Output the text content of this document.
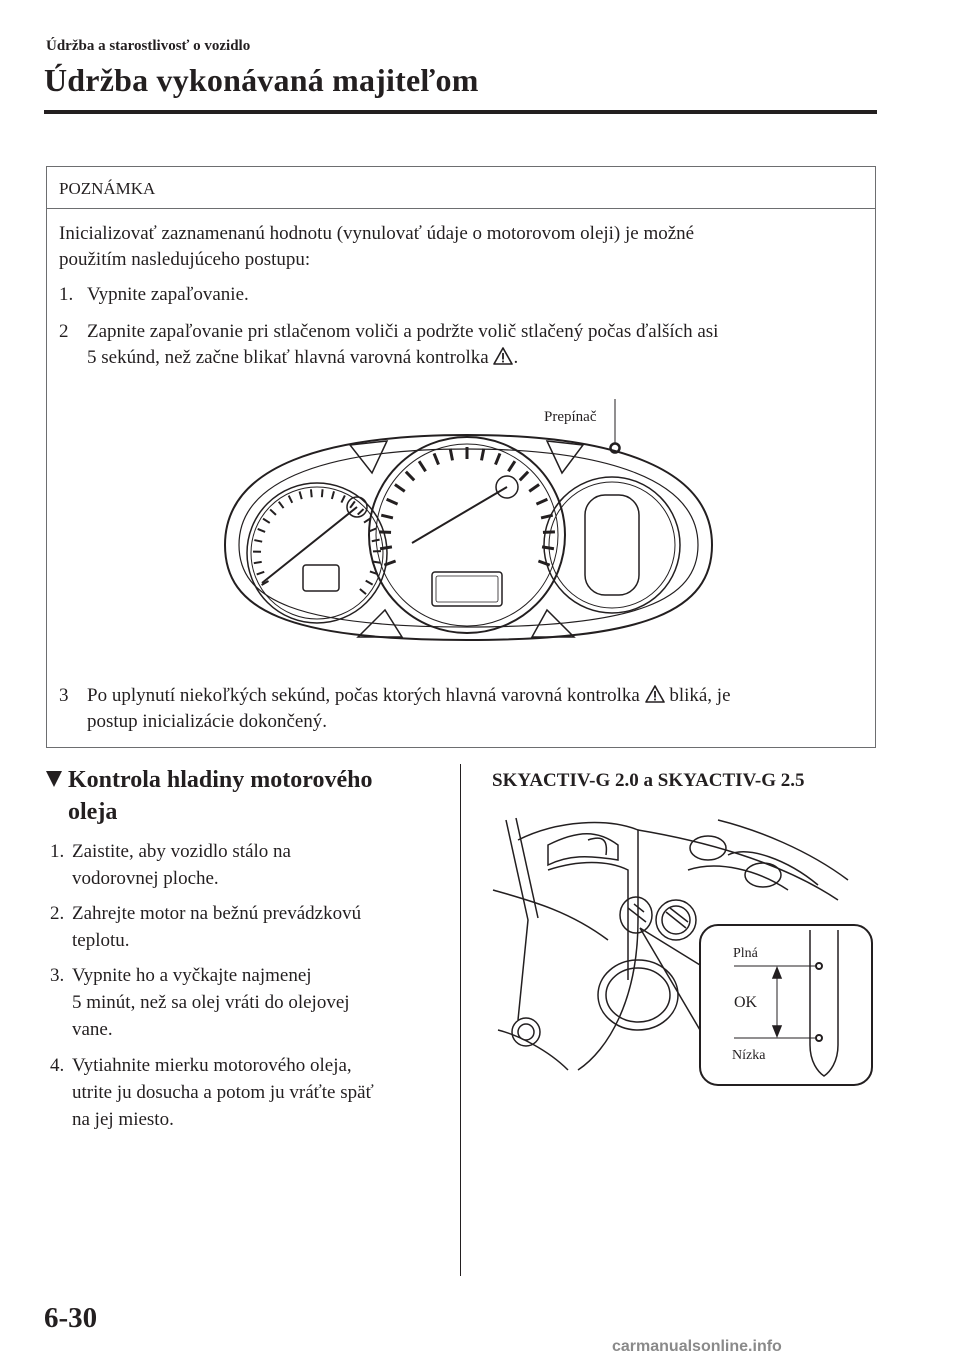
Údržba a starostlivosť o vozidlo
Údržba vykonávaná majiteľom
POZNÁMKA
Inicializovať zaznamenanú hodnotu (vynulovať údaje o motorovom oleji) je možné
použitím nasledujúceho postupu:
1. Vypnite zapaľovanie.
2 Zapnite zapaľovanie pri stlačenom voliči a podržte volič stlačený počas ďalších asi
5 sekúnd, než začne blikať hlavná varovná kontrolka .
Prepínač
3 Po uplynutí niekoľkých sekúnd, počas ktorých hlavná varovná kontrolka bliká, je
postup inicializácie dokončený.
Kontrola hladiny motorového
oleja
1. Zaistite, aby vozidlo stálo na
vodorovnej ploche.
2. Zahrejte motor na bežnú prevádzkovú
teplotu.
3. Vypnite ho a vyčkajte najmenej
5 minút, než sa olej vráti do olejovej
vane.
4. Vytiahnite mierku motorového oleja,
utrite ju dosucha a potom ju vráťte späť
na jej miesto.
SKYACTIV-G 2.0 a SKYACTIV-G 2.5
Plná
OK
Nízka
6-30
carmanualsonline.info
